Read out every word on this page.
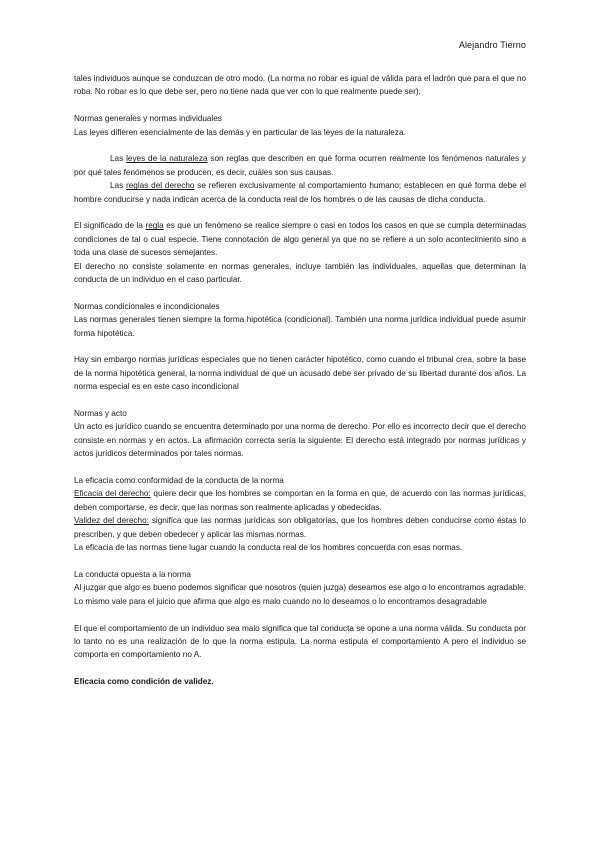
Alejandro Tierno

tales individuos aunque se conduzcan de otro modo. (La norma no robar es igual de válida para el ladrón que para el que no roba. No robar es lo que debe ser, pero no tiene nada que ver con lo que realmente puede ser).

Normas generales y normas individuales

Las leyes difieren esencialmente de las demás y en particular de las leyes de la naturaleza.

Las leyes de la naturaleza son reglas que describen en qué forma ocurren realmente los fenómenos naturales y por qué tales fenómenos se producen, es decir, cuáles son sus causas.

Las reglas del derecho se refieren exclusivamente al comportamiento humano; establecen en qué forma debe el hombre conducirse y nada indican acerca de la conducta real de los hombres o de las causas de dicha conducta.

El significado de la regla es que un fenómeno se realice siempre o casi en todos los casos en que se cumpla determinadas condiciones de tal o cual especie. Tiene connotación de algo general ya que no se refiere a un solo acontecimiento sino a toda una clase de sucesos semejantes.

El derecho no consiste solamente en normas generales, incluye también las individuales, aquellas que determinan la conducta de un individuo en el caso particular.

Normas condicionales e incondicionales

Las normas generales tienen siempre la forma hipotética (condicional). También una norma jurídica individual puede asumir forma hipotética.

Hay sin embargo normas jurídicas especiales que no tienen carácter hipotético, como cuando el tribunal crea, sobre la base de la norma hipotética general, la norma individual de que un acusado debe ser privado de su libertad durante dos años. La norma especial es en este caso incondicional

Normas y acto

Un acto es jurídico cuando se encuentra determinado por una norma de derecho. Por ello es incorrecto decir que el derecho consiste en normas y en actos. La afirmación correcta sería la siguiente: El derecho está integrado por normas jurídicas y actos jurídicos determinados por tales normas.

La eficacia como conformidad de la conducta de la norma

Eficacia del derecho: quiere decir que los hombres se comportan en la forma en que, de acuerdo con las normas jurídicas, deben comportarse, es decir, que las normas son realmente aplicadas y obedecidas.

Validez del derecho: significa que las normas jurídicas son obligatorias, que los hombres deben conducirse como éstas lo prescriben, y que deben obedecer y aplicar las mismas normas.

La eficacia de las normas tiene lugar cuando la conducta real de los hombres concuerda con esas normas.

La conducta opuesta a la norma

Al juzgar que algo es bueno podemos significar que nosotros (quien juzga) deseamos ese algo o lo encontramos agradable. Lo mismo vale para el juicio que afirma que algo es malo cuando no lo deseamos o lo encontramos desagradable

El que el comportamiento de un individuo sea malo significa que tal conducta se opone a una norma válida. Su conducta por lo tanto no es una realización de lo que la norma estipula. La norma estipula el comportamiento A pero el individuo se comporta en comportamiento no A.

Eficacia como condición de validez.
